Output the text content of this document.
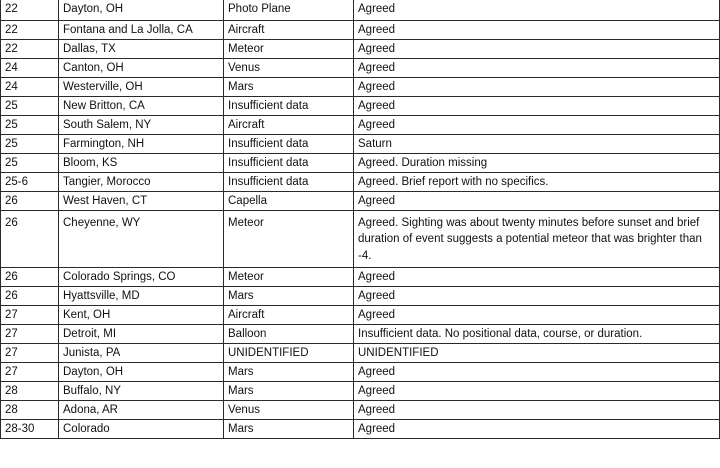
22	Dayton, OH	Photo Plane	Agreed
22	Fontana and La Jolla, CA	Aircraft	Agreed
22	Dallas, TX	Meteor	Agreed
24	Canton, OH	Venus	Agreed
24	Westerville, OH	Mars	Agreed
25	New Britton, CA	Insufficient data	Agreed
25	South Salem, NY	Aircraft	Agreed
25	Farmington, NH	Insufficient data	Saturn
25	Bloom, KS	Insufficient data	Agreed. Duration missing
25-6	Tangier, Morocco	Insufficient data	Agreed. Brief report with no specifics.
26	West Haven, CT	Capella	Agreed
26	Cheyenne, WY	Meteor	Agreed. Sighting was about twenty minutes before sunset and brief duration of event suggests a potential meteor that was brighter than -4.
26	Colorado Springs, CO	Meteor	Agreed
26	Hyattsville, MD	Mars	Agreed
27	Kent, OH	Aircraft	Agreed
27	Detroit, MI	Balloon	Insufficient data. No positional data, course, or duration.
27	Junista, PA	UNIDENTIFIED	UNIDENTIFIED
27	Dayton, OH	Mars	Agreed
28	Buffalo, NY	Mars	Agreed
28	Adona, AR	Venus	Agreed
28-30	Colorado	Mars	Agreed
